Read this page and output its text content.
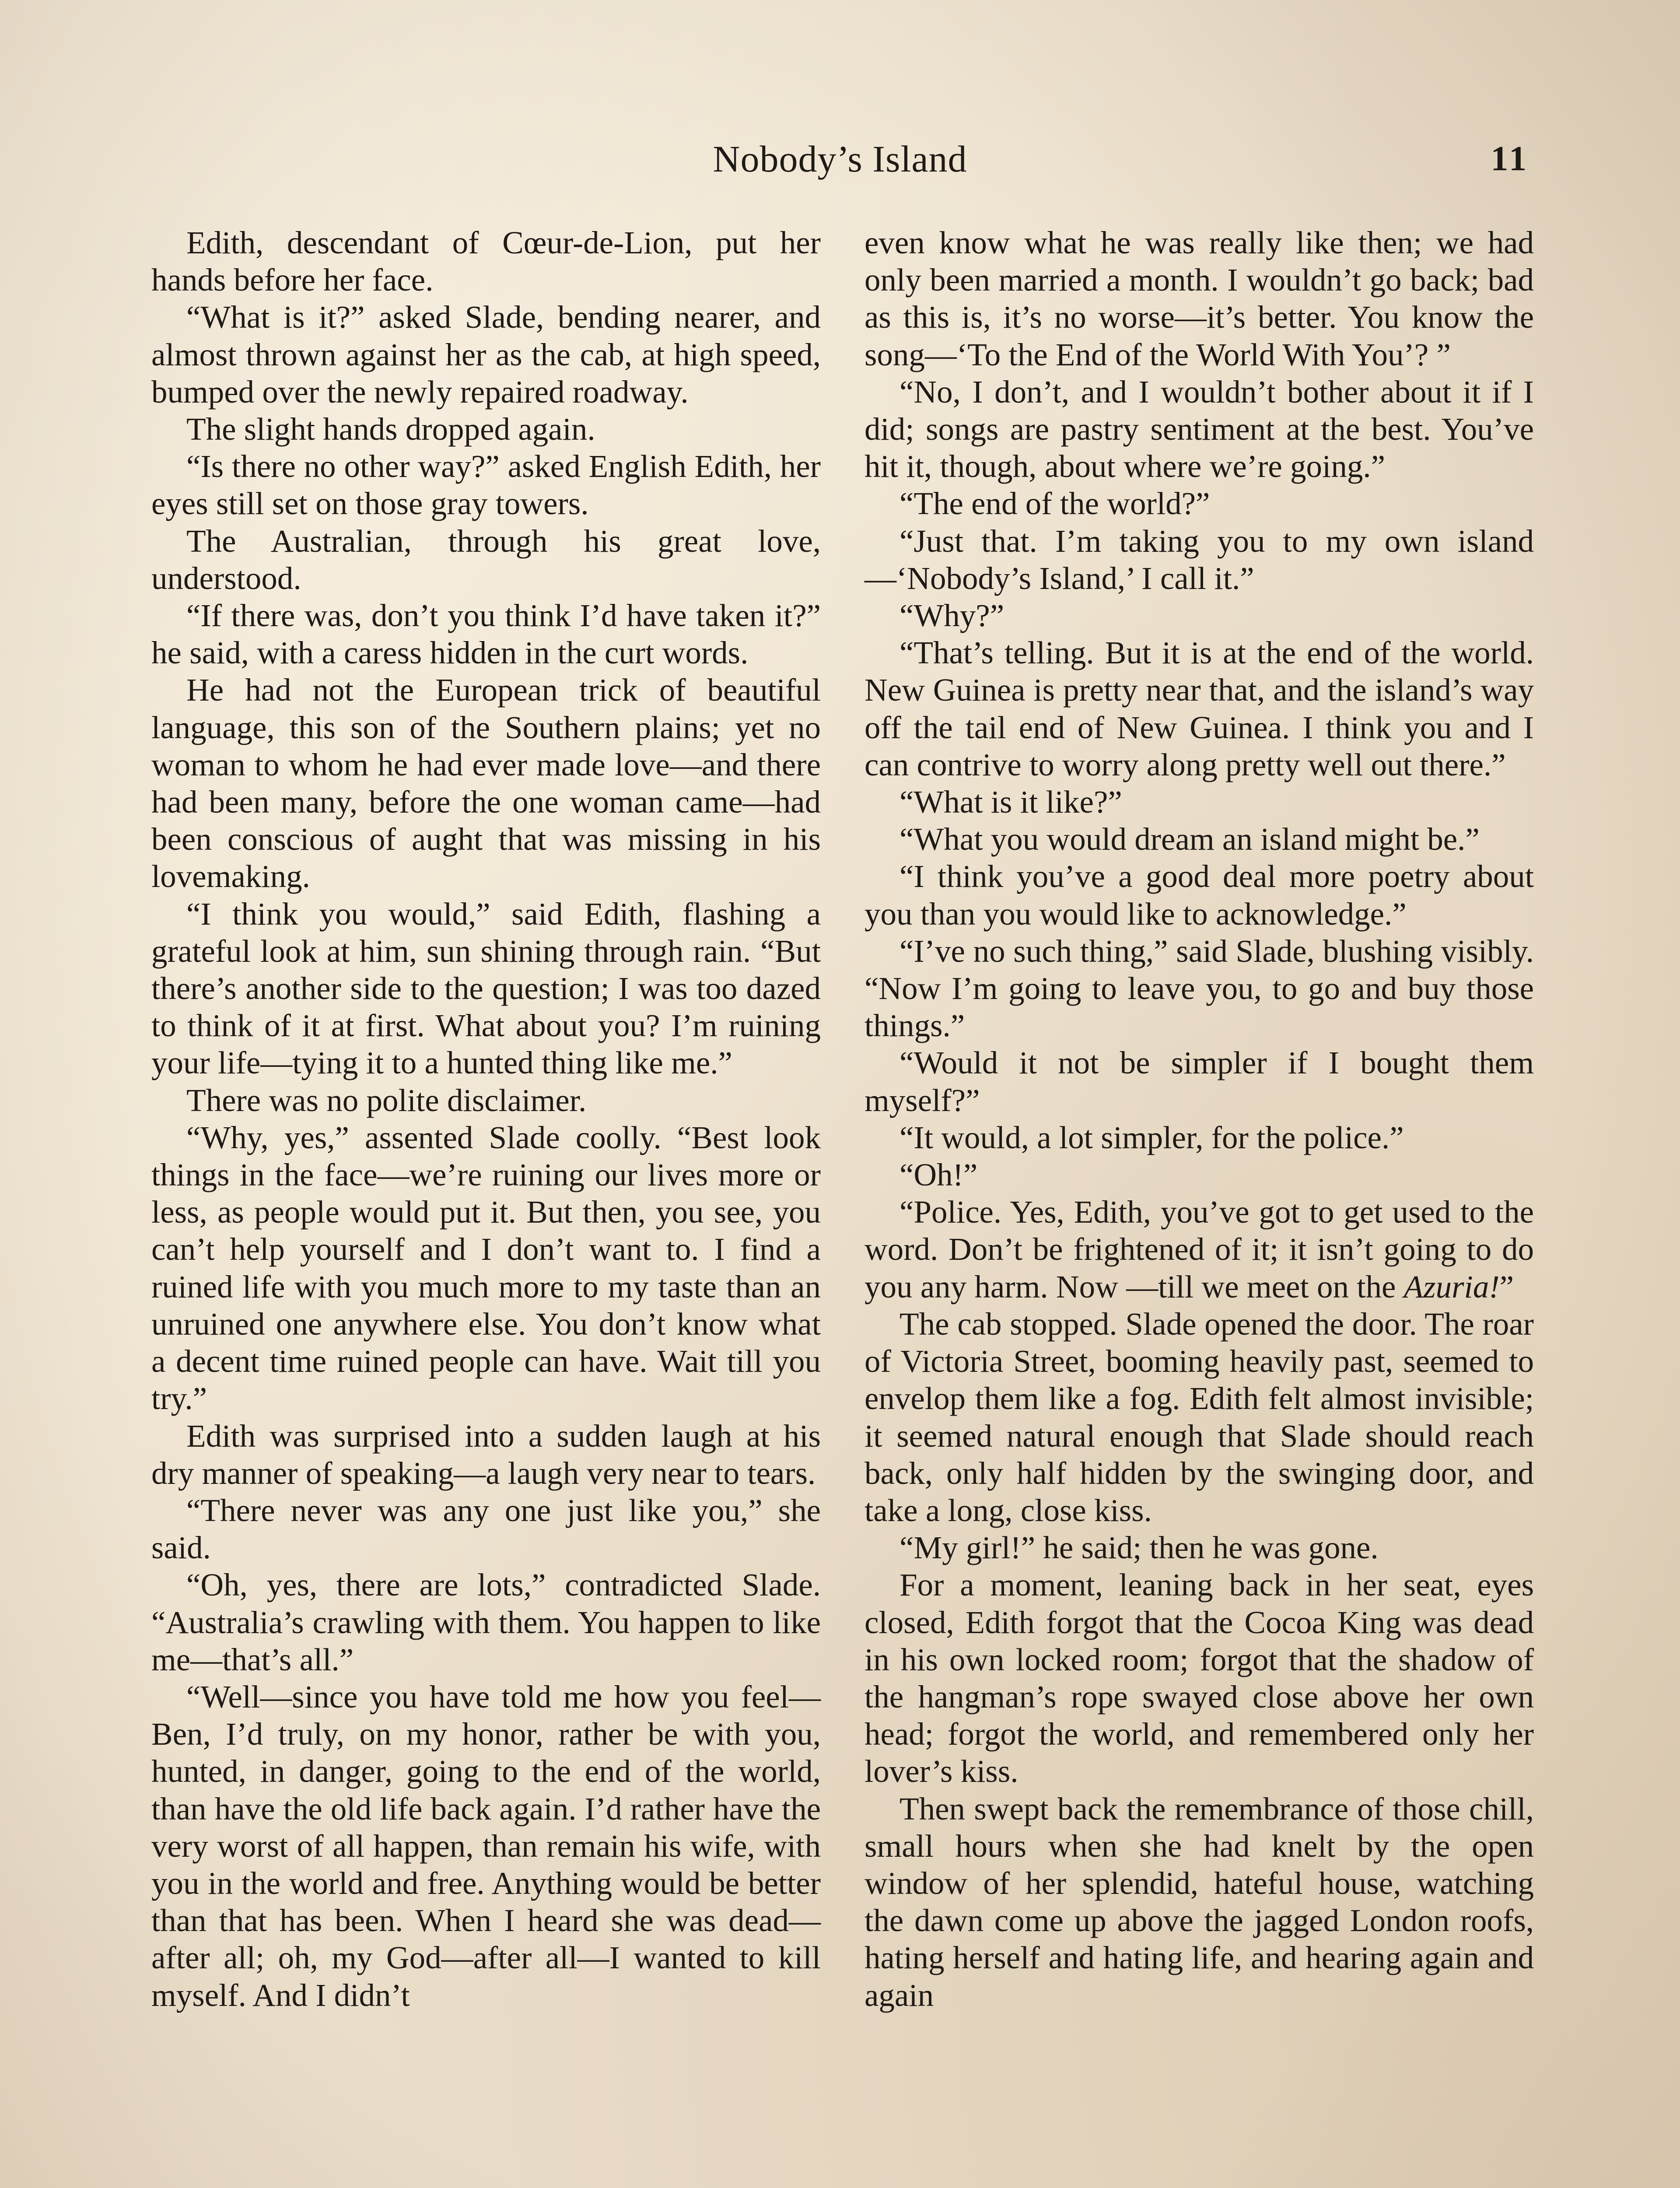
Nobody’s Island	11

Edith, descendant of Cœur-de-Lion, put her hands before her face.

“What is it?” asked Slade, bending nearer, and almost thrown against her as the cab, at high speed, bumped over the newly repaired roadway.

The slight hands dropped again.

“Is there no other way?” asked English Edith, her eyes still set on those gray towers.

The Australian, through his great love, understood.

“If there was, don’t you think I’d have taken it?” he said, with a caress hidden in the curt words.

He had not the European trick of beautiful language, this son of the Southern plains; yet no woman to whom he had ever made love—and there had been many, before the one woman came—had been conscious of aught that was missing in his lovemaking.

“I think you would,” said Edith, flashing a grateful look at him, sun shining through rain. “But there’s another side to the question; I was too dazed to think of it at first. What about you? I’m ruining your life—tying it to a hunted thing like me.”

There was no polite disclaimer.

“Why, yes,” assented Slade coolly. “Best look things in the face—we’re ruining our lives more or less, as people would put it. But then, you see, you can’t help yourself and I don’t want to. I find a ruined life with you much more to my taste than an unruined one anywhere else. You don’t know what a decent time ruined people can have. Wait till you try.”

Edith was surprised into a sudden laugh at his dry manner of speaking—a laugh very near to tears.

“There never was any one just like you,” she said.

“Oh, yes, there are lots,” contradicted Slade. “Australia’s crawling with them. You happen to like me—that’s all.”

“Well—since you have told me how you feel—Ben, I’d truly, on my honor, rather be with you, hunted, in danger, going to the end of the world, than have the old life back again. I’d rather have the very worst of all happen, than remain his wife, with you in the world and free. Anything would be better than that has been. When I heard she was dead—after all; oh, my God—after all—I wanted to kill myself. And I didn’t

even know what he was really like then; we had only been married a month. I wouldn’t go back; bad as this is, it’s no worse—it’s better. You know the song—‘To the End of the World With You’? ”

“No, I don’t, and I wouldn’t bother about it if I did; songs are pastry sentiment at the best. You’ve hit it, though, about where we’re going.”

“The end of the world?”

“Just that. I’m taking you to my own island—‘Nobody’s Island,’ I call it.”

“Why?”

“That’s telling. But it is at the end of the world. New Guinea is pretty near that, and the island’s way off the tail end of New Guinea. I think you and I can contrive to worry along pretty well out there.”

“What is it like?”

“What you would dream an island might be.”

“I think you’ve a good deal more poetry about you than you would like to acknowledge.”

“I’ve no such thing,” said Slade, blushing visibly. “Now I’m going to leave you, to go and buy those things.”

“Would it not be simpler if I bought them myself?”

“It would, a lot simpler, for the police.”

“Oh!”

“Police. Yes, Edith, you’ve got to get used to the word. Don’t be frightened of it; it isn’t going to do you any harm. Now —till we meet on the Azuria!”

The cab stopped. Slade opened the door. The roar of Victoria Street, booming heavily past, seemed to envelop them like a fog. Edith felt almost invisible; it seemed natural enough that Slade should reach back, only half hidden by the swinging door, and take a long, close kiss.

“My girl!” he said; then he was gone.

For a moment, leaning back in her seat, eyes closed, Edith forgot that the Cocoa King was dead in his own locked room; forgot that the shadow of the hangman’s rope swayed close above her own head; forgot the world, and remembered only her lover’s kiss.

Then swept back the remembrance of those chill, small hours when she had knelt by the open window of her splendid, hateful house, watching the dawn come up above the jagged London roofs, hating herself and hating life, and hearing again and again
